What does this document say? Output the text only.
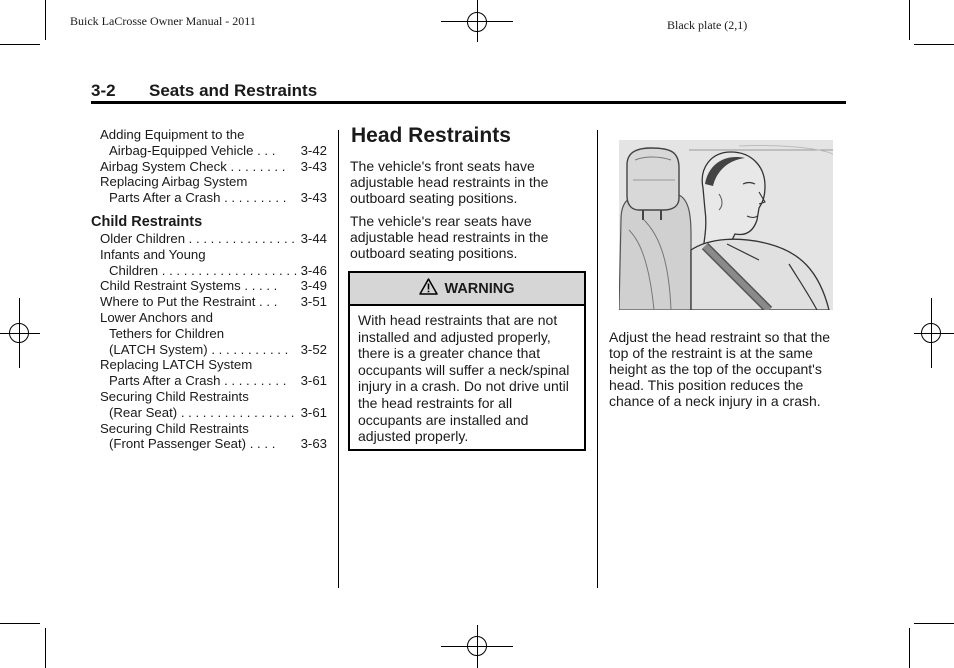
Buick LaCrosse Owner Manual - 2011	Black plate (2,1)
3-2 Seats and Restraints
Adding Equipment to the
Airbag-Equipped Vehicle . . . 3-42
Airbag System Check . . . . . . . . 3-43
Replacing Airbag System
Parts After a Crash . . . . . . . . . 3-43
Child Restraints
Older Children . . . . . . . . . . . . . . . 3-44
Infants and Young
Children . . . . . . . . . . . . . . . . . . . .
3-46
Child Restraint Systems . . . . . 3-49
Where to Put the Restraint . . . 3-51
Lower Anchors and
Tethers for Children
(LATCH System) . . . . . . . . . . . 3-52
Replacing LATCH System
Parts After a Crash . . . . . . . . . 3-61
Securing Child Restraints
(Rear Seat) . . . . . . . . . . . . . . . . 3-61
Securing Child Restraints
(Front Passenger Seat) . . . . 3-63
Head Restraints
The vehicle's front seats have adjustable head restraints in the outboard seating positions.
The vehicle's rear seats have adjustable head restraints in the outboard seating positions.
WARNING
With head restraints that are not installed and adjusted properly, there is a greater chance that occupants will suffer a neck/spinal injury in a crash. Do not drive until the head restraints for all occupants are installed and adjusted properly.
Adjust the head restraint so that the top of the restraint is at the same height as the top of the occupant's head. This position reduces the chance of a neck injury in a crash.
